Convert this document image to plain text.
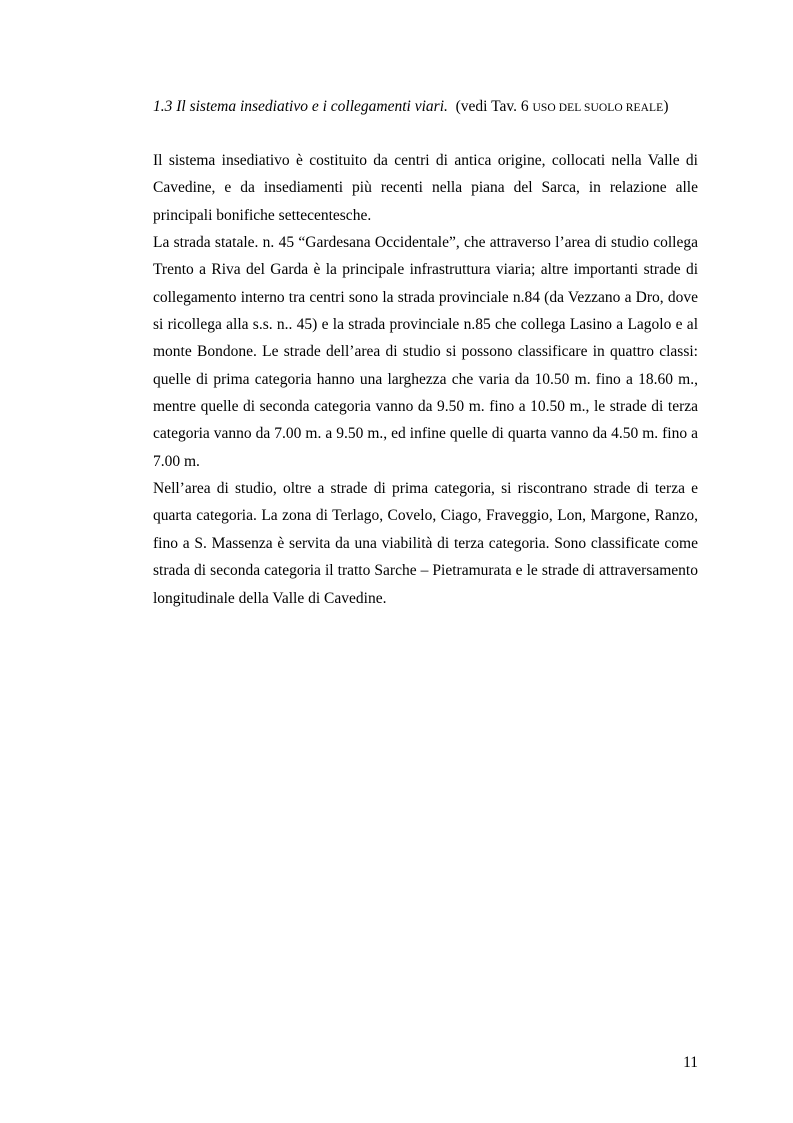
1.3 Il sistema insediativo e i collegamenti viari. (vedi Tav. 6 USO DEL SUOLO REALE)

Il sistema insediativo è costituito da centri di antica origine, collocati nella Valle di Cavedine, e da insediamenti più recenti nella piana del Sarca, in relazione alle principali bonifiche settecentesche.

La strada statale. n. 45 “Gardesana Occidentale”, che attraverso l’area di studio collega Trento a Riva del Garda è la principale infrastruttura viaria; altre importanti strade di collegamento interno tra centri sono la strada provinciale n.84 (da Vezzano a Dro, dove si ricollega alla s.s. n.. 45) e la strada provinciale n.85 che collega Lasino a Lagolo e al monte Bondone. Le strade dell’area di studio si possono classificare in quattro classi: quelle di prima categoria hanno una larghezza che varia da 10.50 m. fino a 18.60 m., mentre quelle di seconda categoria vanno da 9.50 m. fino a 10.50 m., le strade di terza categoria vanno da 7.00 m. a 9.50 m., ed infine quelle di quarta vanno da 4.50 m. fino a 7.00 m.

Nell’area di studio, oltre a strade di prima categoria, si riscontrano strade di terza e quarta categoria. La zona di Terlago, Covelo, Ciago, Fraveggio, Lon, Margone, Ranzo, fino a S. Massenza è servita da una viabilità di terza categoria. Sono classificate come strada di seconda categoria il tratto Sarche – Pietramurata e le strade di attraversamento longitudinale della Valle di Cavedine.

11
